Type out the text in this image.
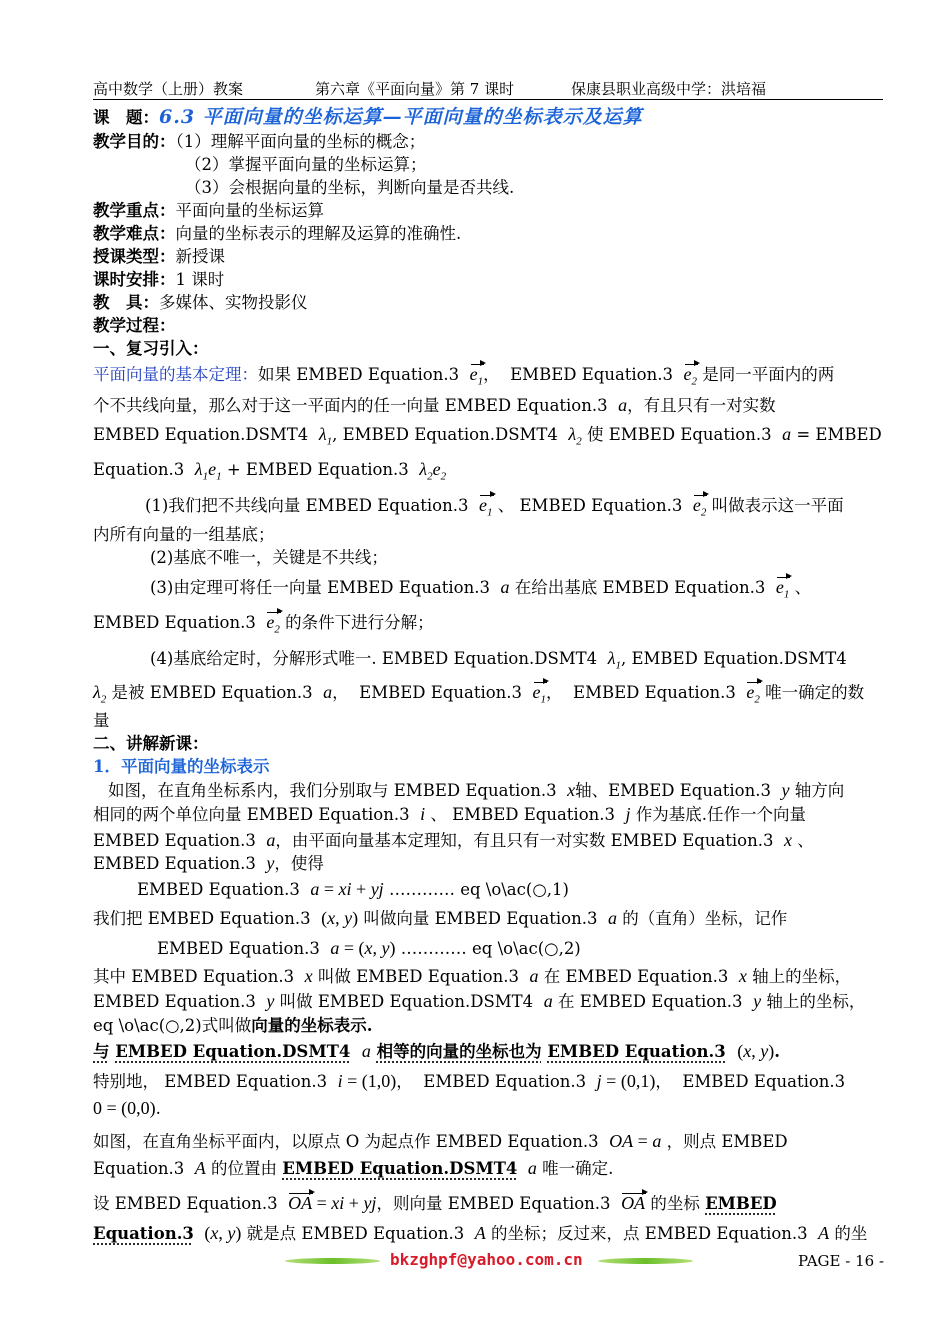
高中数学（上册）教案	第六章《平面向量》第 7 课时	保康县职业高级中学：洪培福
课　题：6.3 平面向量的坐标运算—平面向量的坐标表示及运算
教学目的：（1）理解平面向量的坐标的概念；
（2）掌握平面向量的坐标运算；
（3）会根据向量的坐标，判断向量是否共线.
教学重点：平面向量的坐标运算
教学难点：向量的坐标表示的理解及运算的准确性.
授课类型：新授课
课时安排：1 课时
教　具：多媒体、实物投影仪
教学过程：
一、复习引入：
平面向量的基本定理：如果 EMBED Equation.3 $e_1$， EMBED Equation.3 $e_2$ 是同一平面内的两
个不共线向量，那么对于这一平面内的任一向量 EMBED Equation.3 a，有且只有一对实数
EMBED Equation.DSMT4 $\lambda_1$, EMBED Equation.DSMT4 $\lambda_2$ 使 EMBED Equation.3 a = EMBED
Equation.3 $\lambda_1e_1$ + EMBED Equation.3 $\lambda_2e_2$
(1)我们把不共线向量 EMBED Equation.3 $e_1$ 、 EMBED Equation.3 $e_2$ 叫做表示这一平面
内所有向量的一组基底；
(2)基底不唯一，关键是不共线；
(3)由定理可将任一向量 EMBED Equation.3 a 在给出基底 EMBED Equation.3 $e_1$ 、
EMBED Equation.3 $e_2$ 的条件下进行分解；
(4)基底给定时，分解形式唯一. EMBED Equation.DSMT4 $\lambda_1$, EMBED Equation.DSMT4
$\lambda_2$ 是被 EMBED Equation.3 a，  EMBED Equation.3 $e_1$，  EMBED Equation.3 $e_2$ 唯一确定的数
量
二、讲解新课：
1．平面向量的坐标表示
如图，在直角坐标系内，我们分别取与 EMBED Equation.3 x轴、EMBED Equation.3 y 轴方向
相同的两个单位向量 EMBED Equation.3 i 、 EMBED Equation.3 j 作为基底.任作一个向量
EMBED Equation.3 a，由平面向量基本定理知，有且只有一对实数 EMBED Equation.3 x 、
EMBED Equation.3 y，使得
EMBED Equation.3 a = xi + yj ………… eq \o\ac(○,1)
我们把 EMBED Equation.3 (x, y) 叫做向量 EMBED Equation.3 a 的（直角）坐标，记作
EMBED Equation.3 a = (x, y) ………… eq \o\ac(○,2)
其中 EMBED Equation.3 x 叫做 EMBED Equation.3 a 在 EMBED Equation.3 x 轴上的坐标，
EMBED Equation.3 y 叫做 EMBED Equation.DSMT4 a 在 EMBED Equation.3 y 轴上的坐标，
eq \o\ac(○,2)式叫做向量的坐标表示.
与 EMBED Equation.DSMT4 a 相等的向量的坐标也为 EMBED Equation.3 (x, y).
特别地， EMBED Equation.3 i = (1,0)，  EMBED Equation.3 j = (0,1)，  EMBED Equation.3
0 = (0,0).
如图，在直角坐标平面内，以原点 O 为起点作 EMBED Equation.3 OA = a ，则点 EMBED
Equation.3 A 的位置由 EMBED Equation.DSMT4 a 唯一确定.
设 EMBED Equation.3 OA = xi + yj，则向量 EMBED Equation.3 OA 的坐标 EMBED
Equation.3 (x, y) 就是点 EMBED Equation.3 A 的坐标；反过来，点 EMBED Equation.3 A 的坐
bkzghpf@yahoo.com.cn	PAGE - 16 -
